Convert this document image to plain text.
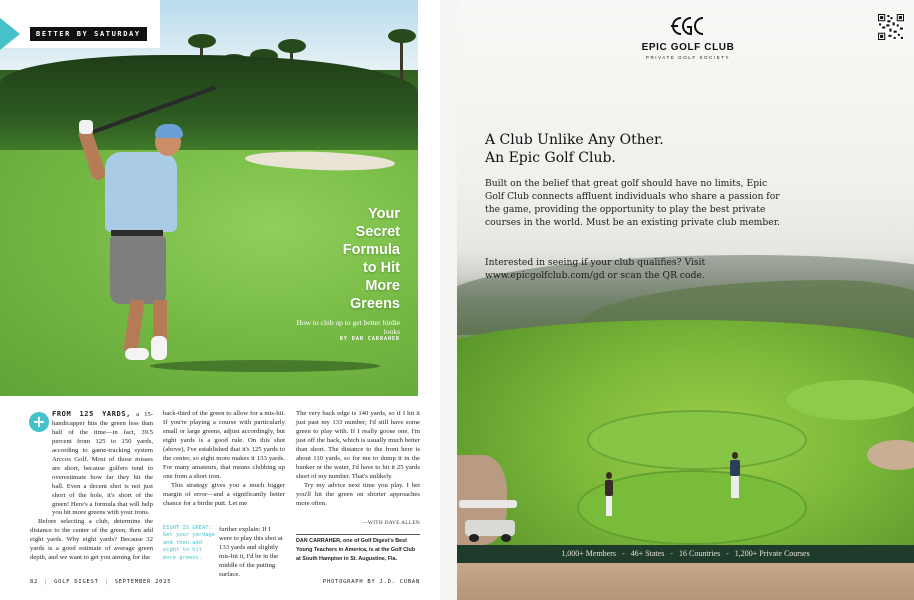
Your
Secret
Formula
to Hit
More
Greens
How to club up to get better birdie looks
BY DAN CARRAHER
BETTER BY SATURDAY
+ FROM 125 YARDS, a 15-handicapper hits the green less than half of the time—in fact, 39.5 percent from 125 to 150 yards, according to game-tracking system Arccos Golf. Most of those misses are short, because golfers tend to overestimate how far they hit the ball. Even a decent shot is not just short of the hole, it's short of the green! Here's a formula that will help you hit more greens with your irons.

Before selecting a club, determine the distance to the center of the green, then add eight yards. Why eight yards? Because 32 yards is a good estimate of average green depth, and we want to get you aiming for the

back-third of the green to allow for a mis-hit. If you're playing a course with particularly small or large greens, adjust accordingly, but eight yards is a good rule. On this shot (above), I've established that it's 125 yards to the center, so eight more makes it 133 yards. For many amateurs, that means clubbing up one from a short iron.

This strategy gives you a much bigger margin of error—and a significantly better chance for a birdie putt. Let me

EIGHT IS GREAT: Get your yardage and then add eight to hit more greens.
further explain: If I were to play this shot at 133 yards and slightly mis-hit it, I'd be in the middle of the putting surface.

The very back edge is 140 yards, so if I hit it just past my 133 number, I'd still have some green to play with. If I really goose one, I'm just off the back, which is usually much better than short. The distance to the front here is about 110 yards, so for me to dump it in the bunker or the water, I'd have to hit it 25 yards short of my number. That's unlikely.

Try my advice next time you play. I bet you'll hit the green on shorter approaches more often.

—WITH DAVE ALLEN
DAN CARRAHER, one of Golf Digest's Best Young Teachers in America, is at the Golf Club at South Hampton in St. Augustine, Fla.
82 | GOLF DIGEST | SEPTEMBER 2025	PHOTOGRAPH BY J.D. CUBAN
EPIC GOLF CLUB
PRIVATE GOLF SOCIETY
A Club Unlike Any Other.
An Epic Golf Club.

Built on the belief that great golf should have no limits, Epic Golf Club connects affluent individuals who share a passion for the game, providing the opportunity to play the best private courses in the world. Must be an existing private club member.

Interested in seeing if your club qualifies? Visit www.epicgolfclub.com/gd or scan the QR code.

1,000+ Members - 46+ States - 16 Countries - 1,200+ Private Courses
